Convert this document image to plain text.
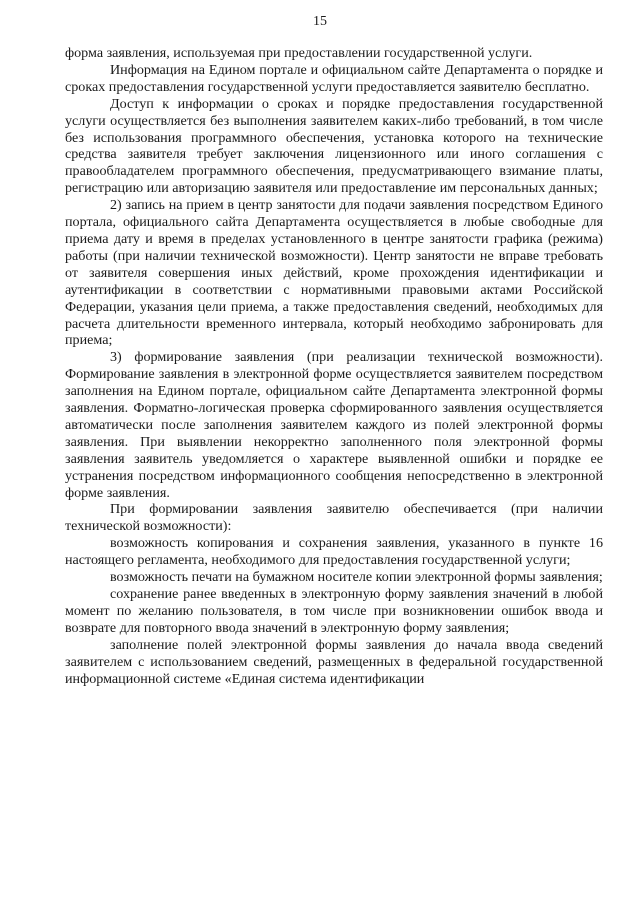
15

форма заявления, используемая при предоставлении государственной услуги.

Информация на Едином портале и официальном сайте Департамента о порядке и сроках предоставления государственной услуги предоставляется заявителю бесплатно.

Доступ к информации о сроках и порядке предоставления государственной услуги осуществляется без выполнения заявителем каких-либо требований, в том числе без использования программного обеспечения, установка которого на технические средства заявителя требует заключения лицензионного или иного соглашения с правообладателем программного обеспечения, предусматривающего взимание платы, регистрацию или авторизацию заявителя или предоставление им персональных данных;

2) запись на прием в центр занятости для подачи заявления посредством Единого портала, официального сайта Департамента осуществляется в любые свободные для приема дату и время в пределах установленного в центре занятости графика (режима) работы (при наличии технической возможности). Центр занятости не вправе требовать от заявителя совершения иных действий, кроме прохождения идентификации и аутентификации в соответствии с нормативными правовыми актами Российской Федерации, указания цели приема, а также предоставления сведений, необходимых для расчета длительности временного интервала, который необходимо забронировать для приема;

3) формирование заявления (при реализации технической возможности). Формирование заявления в электронной форме осуществляется заявителем посредством заполнения на Едином портале, официальном сайте Департамента электронной формы заявления. Форматно-логическая проверка сформированного заявления осуществляется автоматически после заполнения заявителем каждого из полей электронной формы заявления. При выявлении некорректно заполненного поля электронной формы заявления заявитель уведомляется о характере выявленной ошибки и порядке ее устранения посредством информационного сообщения непосредственно в электронной форме заявления.

При формировании заявления заявителю обеспечивается (при наличии технической возможности):

возможность копирования и сохранения заявления, указанного в пункте 16 настоящего регламента, необходимого для предоставления государственной услуги;

возможность печати на бумажном носителе копии электронной формы заявления;

сохранение ранее введенных в электронную форму заявления значений в любой момент по желанию пользователя, в том числе при возникновении ошибок ввода и возврате для повторного ввода значений в электронную форму заявления;

заполнение полей электронной формы заявления до начала ввода сведений заявителем с использованием сведений, размещенных в федеральной государственной информационной системе «Единая система идентификации
